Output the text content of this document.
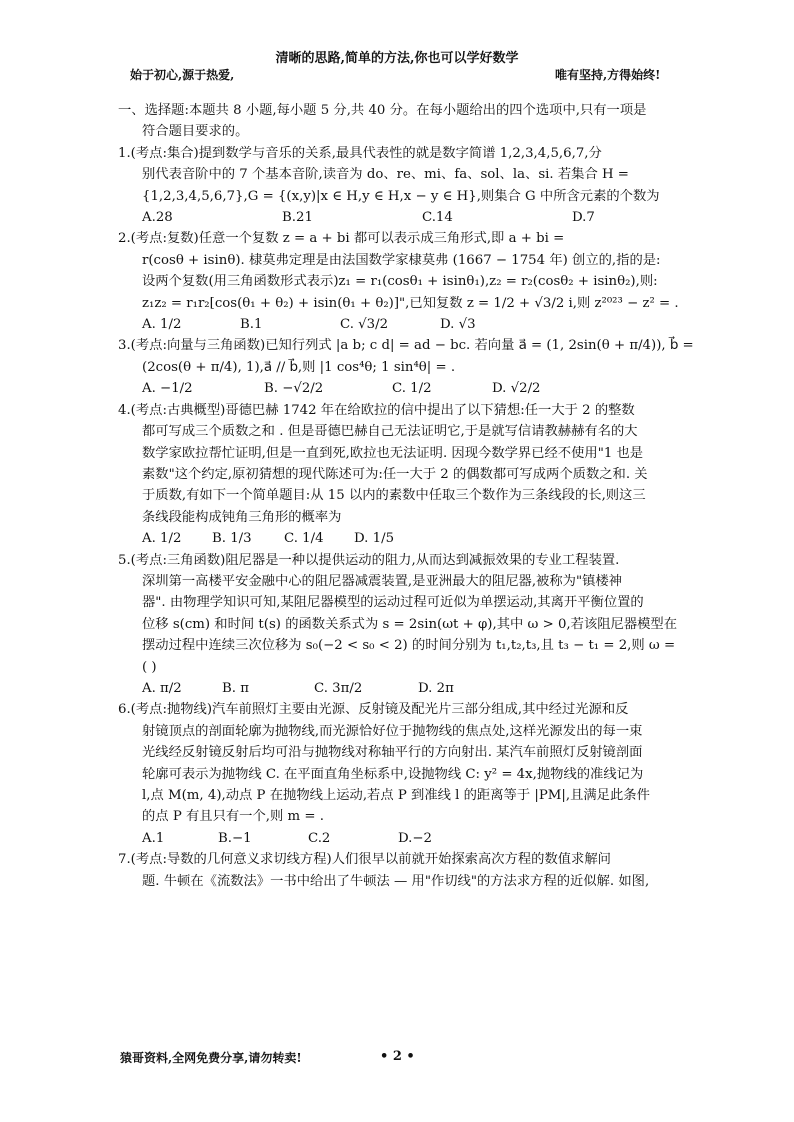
清晰的思路,简单的方法,你也可以学好数学
始于初心,源于热爱,	唯有坚持,方得始终!

一、选择题:本题共 8 小题,每小题 5 分,共 40 分。在每小题给出的四个选项中,只有一项是

符合题目要求的。

1.(考点:集合)提到数学与音乐的关系,最具代表性的就是数字简谱 1,2,3,4,5,6,7,分

别代表音阶中的 7 个基本音阶,读音为 do、re、mi、fa、sol、la、si. 若集合 H =

{1,2,3,4,5,6,7},G = {(x,y)|x ∈ H,y ∈ H,x − y ∈ H},则集合 G 中所含元素的个数为

A.28	B.21	C.14	D.7

2.(考点:复数)任意一个复数 z = a + bi 都可以表示成三角形式,即 a + bi =

r(cosθ + isinθ). 棣莫弗定理是由法国数学家棣莫弗 (1667 − 1754 年) 创立的,指的是:

设两个复数(用三角函数形式表示)z₁ = r₁(cosθ₁ + isinθ₁),z₂ = r₂(cosθ₂ + isinθ₂),则:

z₁z₂ = r₁r₂[cos(θ₁ + θ₂) + isin(θ₁ + θ₂)]",已知复数 z = 1/2 + √3/2 i,则 z²⁰²³ − z² = .

A. 1/2	B.1	C. √3/2	D. √3

3.(考点:向量与三角函数)已知行列式 |a b; c d| = ad − bc. 若向量 a⃗ = (1, 2sin(θ + π/4)), b⃗ =

(2cos(θ + π/4), 1),a⃗ // b⃗,则 |1 cos⁴θ; 1 sin⁴θ| = .

A. −1/2	B. −√2/2	C. 1/2	D. √2/2

4.(考点:古典概型)哥德巴赫 1742 年在给欧拉的信中提出了以下猜想:任一大于 2 的整数

都可写成三个质数之和 . 但是哥德巴赫自己无法证明它,于是就写信请教赫赫有名的大

数学家欧拉帮忙证明,但是一直到死,欧拉也无法证明. 因现今数学界已经不使用"1 也是

素数"这个约定,原初猜想的现代陈述可为:任一大于 2 的偶数都可写成两个质数之和. 关

于质数,有如下一个简单题目:从 15 以内的素数中任取三个数作为三条线段的长,则这三

条线段能构成钝角三角形的概率为

A. 1/2	B. 1/3	C. 1/4	D. 1/5

5.(考点:三角函数)阻尼器是一种以提供运动的阻力,从而达到减振效果的专业工程装置.

深圳第一高楼平安金融中心的阻尼器减震装置,是亚洲最大的阻尼器,被称为"镇楼神

器". 由物理学知识可知,某阻尼器模型的运动过程可近似为单摆运动,其离开平衡位置的

位移 s(cm) 和时间 t(s) 的函数关系式为 s = 2sin(ωt + φ),其中 ω > 0,若该阻尼器模型在

摆动过程中连续三次位移为 s₀(−2 < s₀ < 2) 的时间分别为 t₁,t₂,t₃,且 t₃ − t₁ = 2,则 ω =

( )

A. π/2	B. π	C. 3π/2	D. 2π

6.(考点:抛物线)汽车前照灯主要由光源、反射镜及配光片三部分组成,其中经过光源和反

射镜顶点的剖面轮廓为抛物线,而光源恰好位于抛物线的焦点处,这样光源发出的每一束

光线经反射镜反射后均可沿与抛物线对称轴平行的方向射出. 某汽车前照灯反射镜剖面

轮廓可表示为抛物线 C. 在平面直角坐标系中,设抛物线 C: y² = 4x,抛物线的准线记为

l,点 M(m, 4),动点 P 在抛物线上运动,若点 P 到准线 l 的距离等于 |PM|,且满足此条件

的点 P 有且只有一个,则 m = .

A.1	B.−1	C.2	D.−2

7.(考点:导数的几何意义求切线方程)人们很早以前就开始探索高次方程的数值求解问

题. 牛顿在《流数法》一书中给出了牛顿法 — 用"作切线"的方法求方程的近似解. 如图,

猿哥资料,全网免费分享,请勿转卖!	• 2 •
